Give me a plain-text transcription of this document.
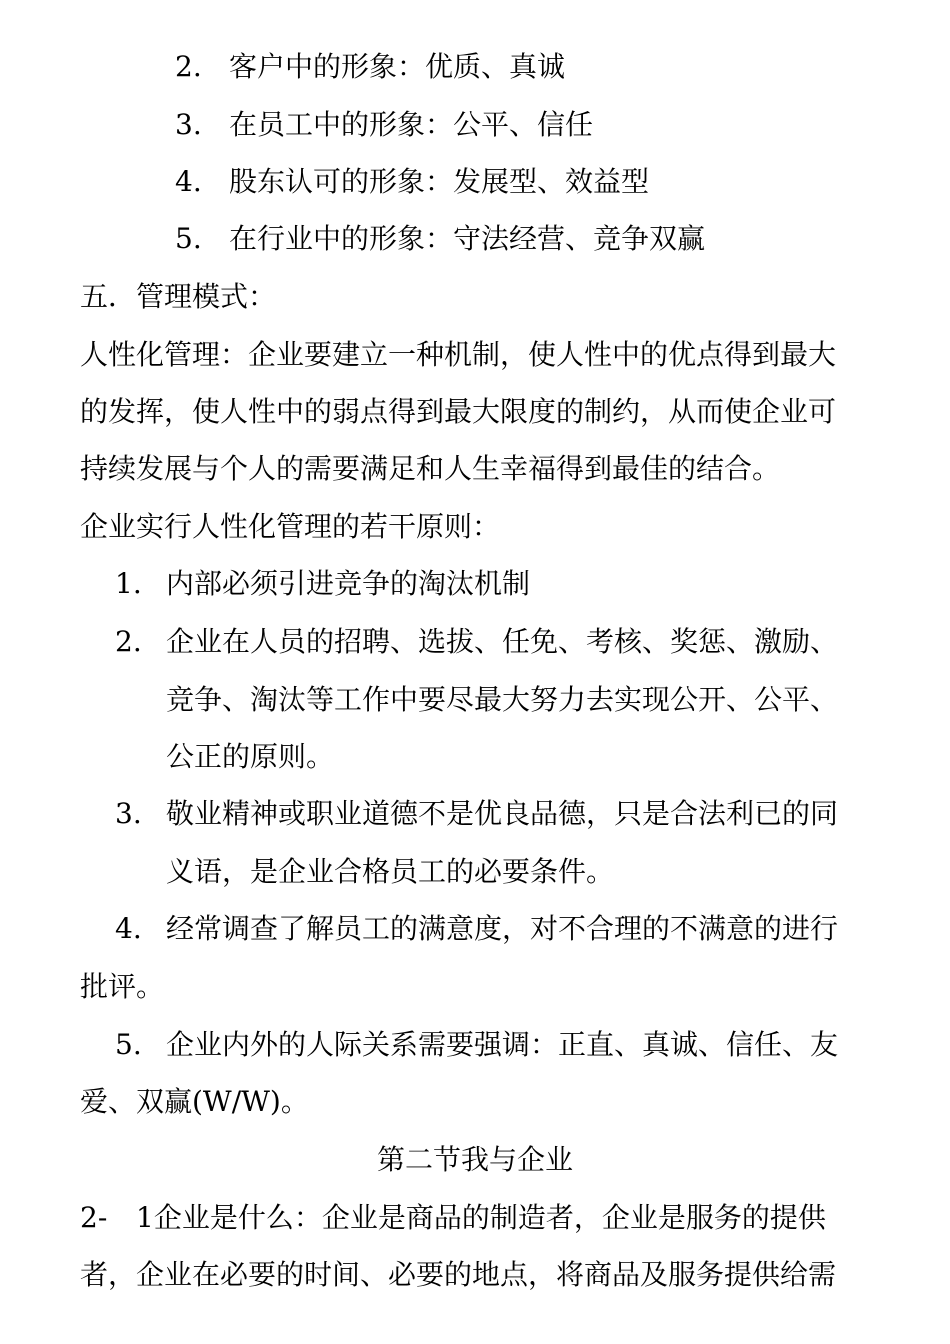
2. 客户中的形象：优质、真诚
3. 在员工中的形象：公平、信任
4. 股东认可的形象：发展型、效益型
5. 在行业中的形象：守法经营、竞争双赢
五．管理模式：
人性化管理：企业要建立一种机制，使人性中的优点得到最大
的发挥，使人性中的弱点得到最大限度的制约，从而使企业可
持续发展与个人的需要满足和人生幸福得到最佳的结合。
企业实行人性化管理的若干原则：
1. 内部必须引进竞争的淘汰机制
2. 企业在人员的招聘、选拔、任免、考核、奖惩、激励、
竞争、淘汰等工作中要尽最大努力去实现公开、公平、
公正的原则。
3. 敬业精神或职业道德不是优良品德，只是合法利已的同
义语，是企业合格员工的必要条件。
4. 经常调查了解员工的满意度，对不合理的不满意的进行
批评。
5. 企业内外的人际关系需要强调：正直、真诚、信任、友
爱、双赢(W/W)。
第二节我与企业
2- 1企业是什么：企业是商品的制造者，企业是服务的提供
者，企业在必要的时间、必要的地点，将商品及服务提供给需
